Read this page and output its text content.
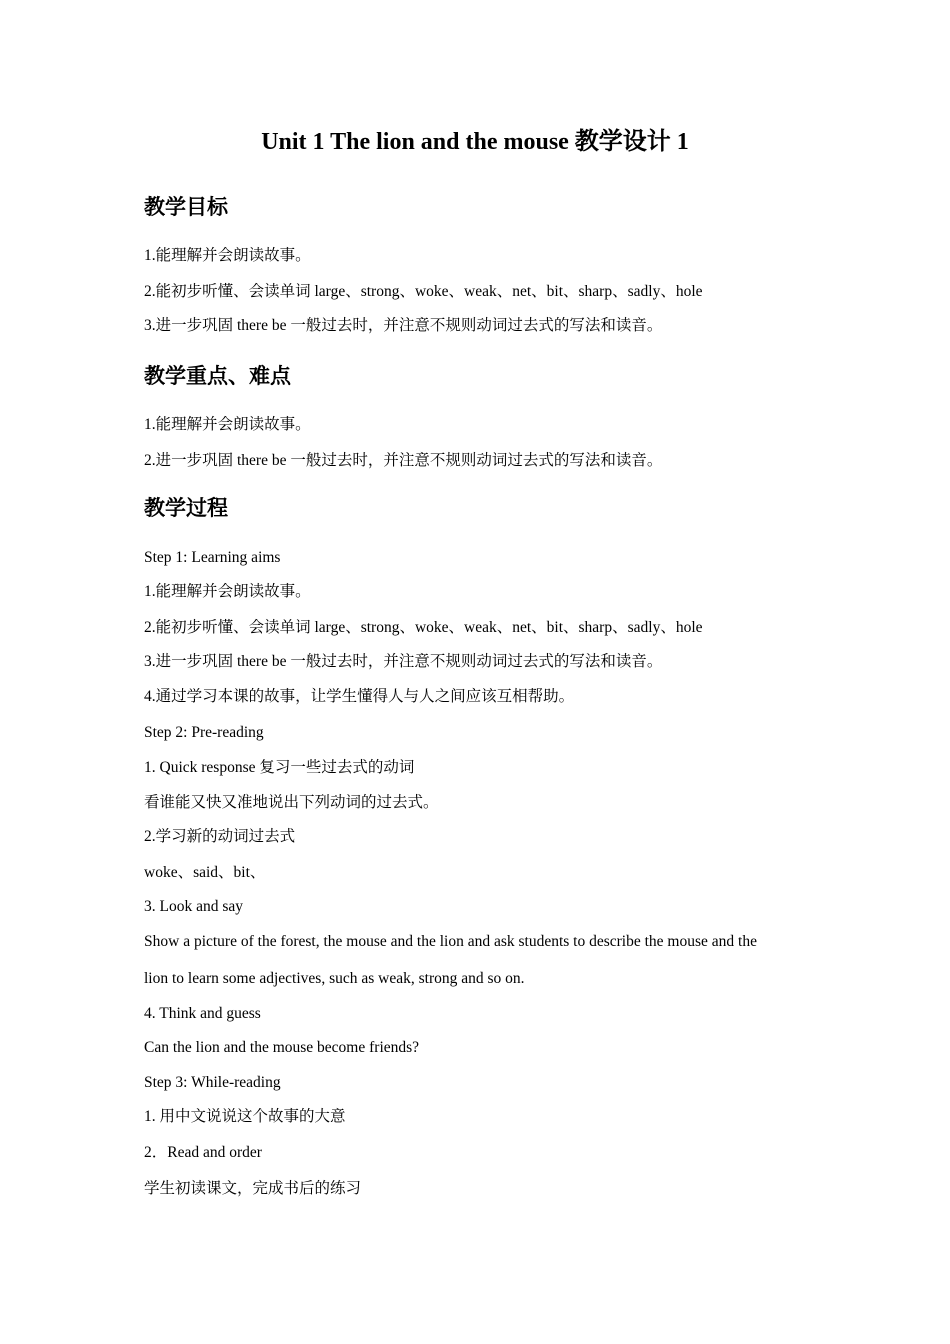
Unit 1 The lion and the mouse 教学设计 1
教学目标
1.能理解并会朗读故事。
2.能初步听懂、会读单词 large、strong、woke、weak、net、bit、sharp、sadly、hole
3.进一步巩固 there be 一般过去时，并注意不规则动词过去式的写法和读音。
教学重点、难点
1.能理解并会朗读故事。
2.进一步巩固 there be 一般过去时，并注意不规则动词过去式的写法和读音。
教学过程
Step 1: Learning aims
1.能理解并会朗读故事。
2.能初步听懂、会读单词 large、strong、woke、weak、net、bit、sharp、sadly、hole
3.进一步巩固 there be 一般过去时，并注意不规则动词过去式的写法和读音。
4.通过学习本课的故事，让学生懂得人与人之间应该互相帮助。
Step 2: Pre-reading
1. Quick response 复习一些过去式的动词
看谁能又快又准地说出下列动词的过去式。
2.学习新的动词过去式
woke、said、bit、
3. Look and say
Show a picture of the forest, the mouse and the lion and ask students to describe the mouse and the
lion to learn some adjectives, such as weak, strong and so on.
4. Think and guess
Can the lion and the mouse become friends?
Step 3: While-reading
1. 用中文说说这个故事的大意
2．Read and order
学生初读课文，完成书后的练习
